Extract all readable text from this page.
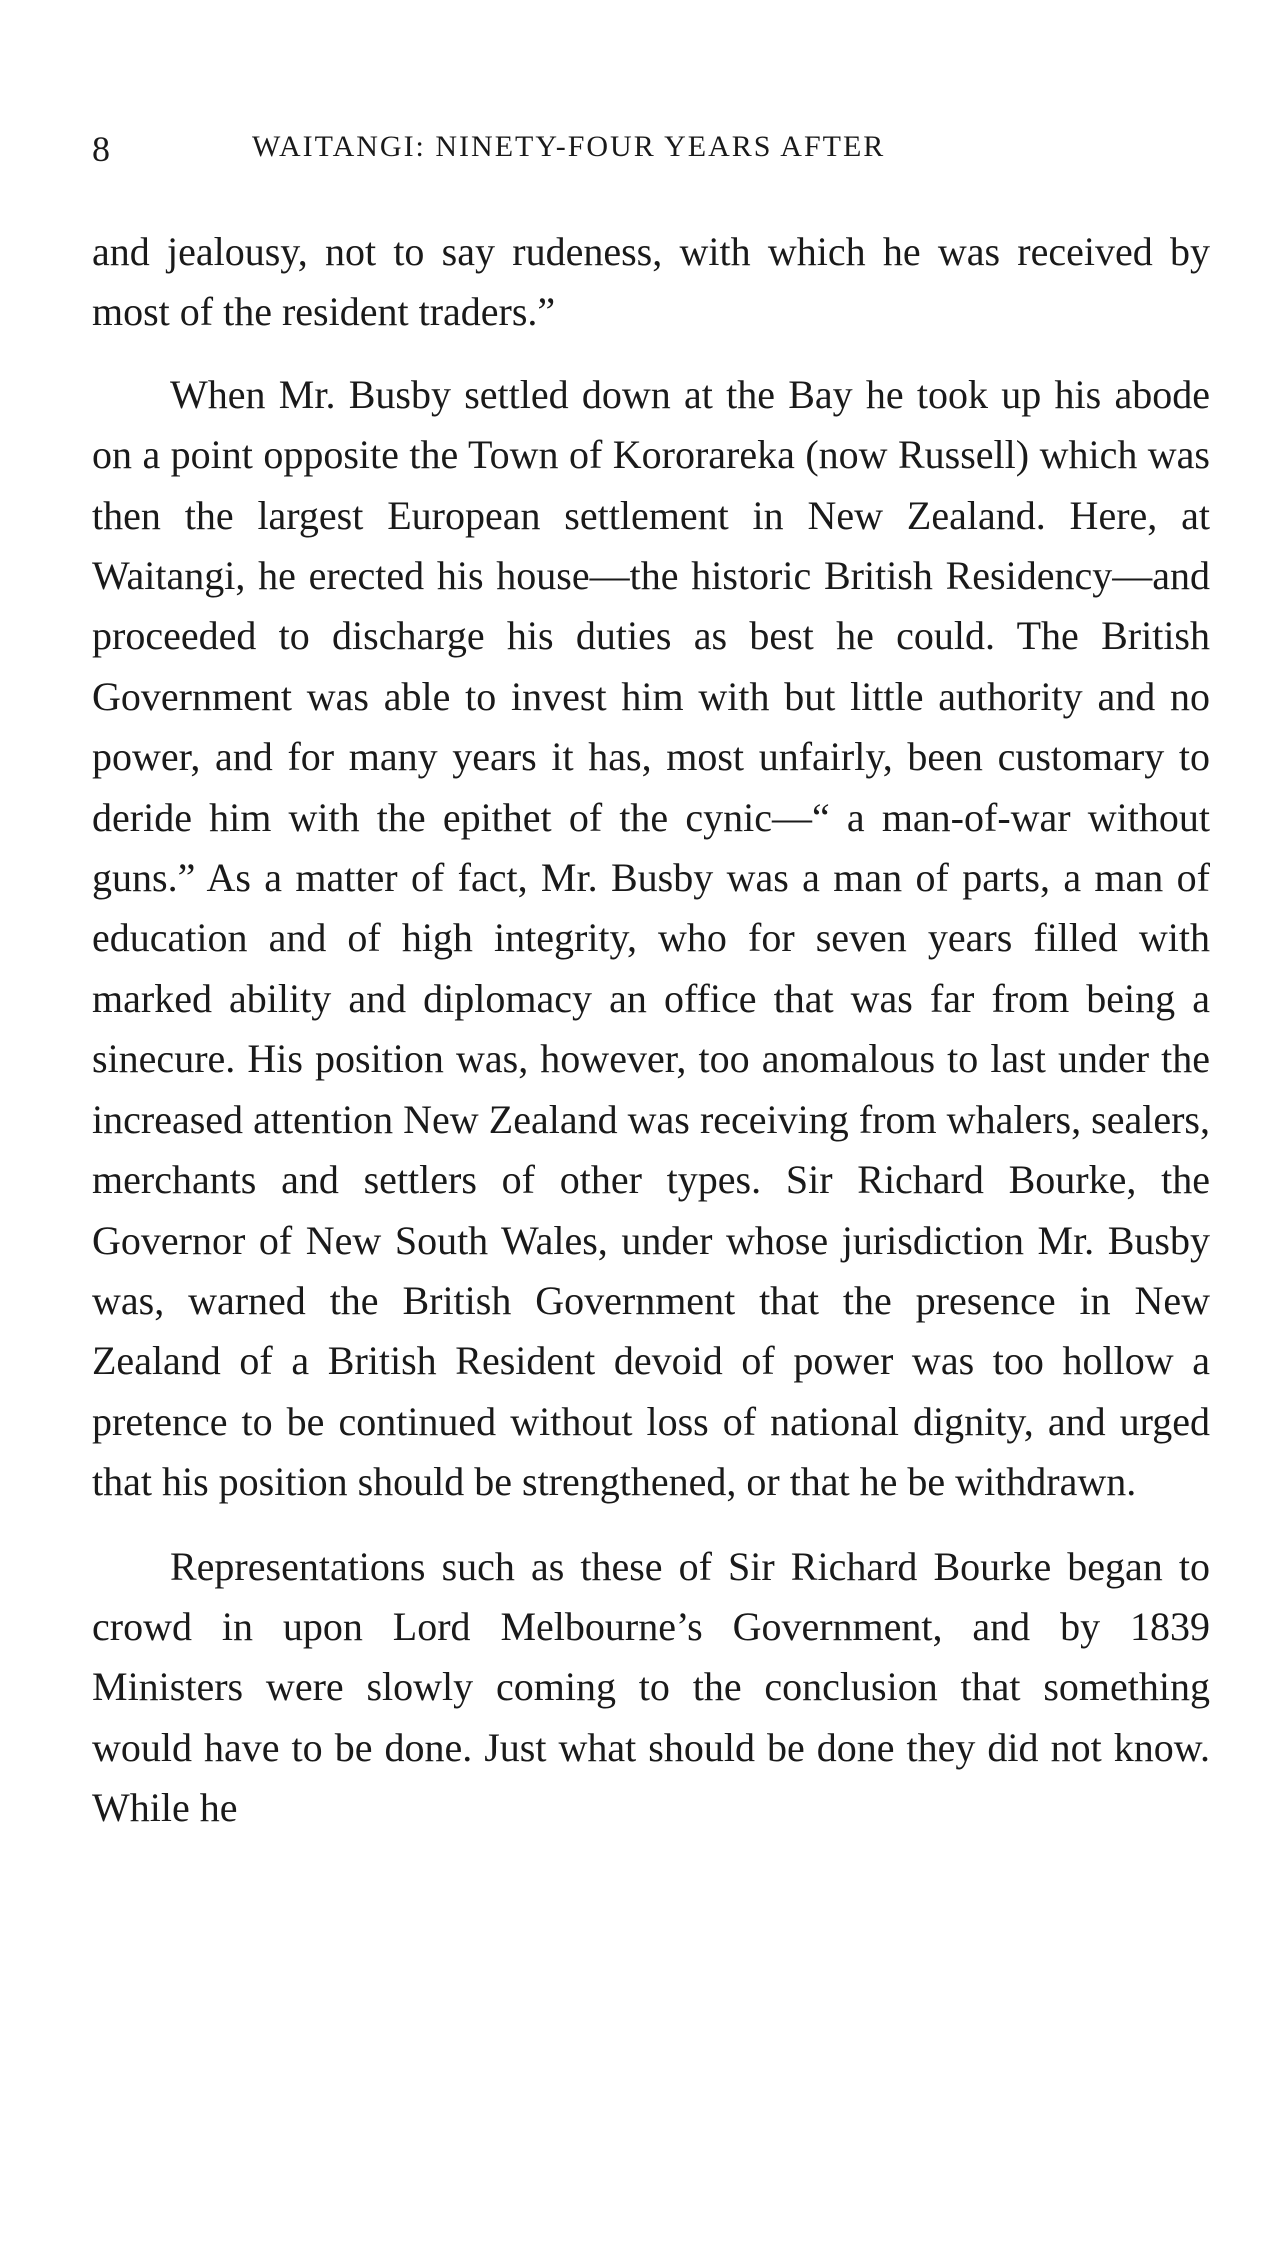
8	WAITANGI: NINETY-FOUR YEARS AFTER

and jealousy, not to say rudeness, with which he was received by most of the resident traders.”

When Mr. Busby settled down at the Bay he took up his abode on a point opposite the Town of Kororareka (now Russell) which was then the largest European settlement in New Zealand. Here, at Waitangi, he erected his house—the historic British Residency—and proceeded to discharge his duties as best he could. The British Government was able to invest him with but little authority and no power, and for many years it has, most unfairly, been customary to deride him with the epithet of the cynic—“ a man-of-war without guns.” As a matter of fact, Mr. Busby was a man of parts, a man of education and of high integrity, who for seven years filled with marked ability and diplomacy an office that was far from being a sinecure. His position was, however, too anomalous to last under the increased attention New Zealand was receiving from whalers, sealers, merchants and settlers of other types. Sir Richard Bourke, the Governor of New South Wales, under whose jurisdiction Mr. Busby was, warned the British Government that the presence in New Zealand of a British Resident devoid of power was too hollow a pretence to be continued without loss of national dignity, and urged that his position should be strengthened, or that he be withdrawn.

Representations such as these of Sir Richard Bourke began to crowd in upon Lord Melbourne’s Government, and by 1839 Ministers were slowly coming to the conclusion that something would have to be done. Just what should be done they did not know. While he
